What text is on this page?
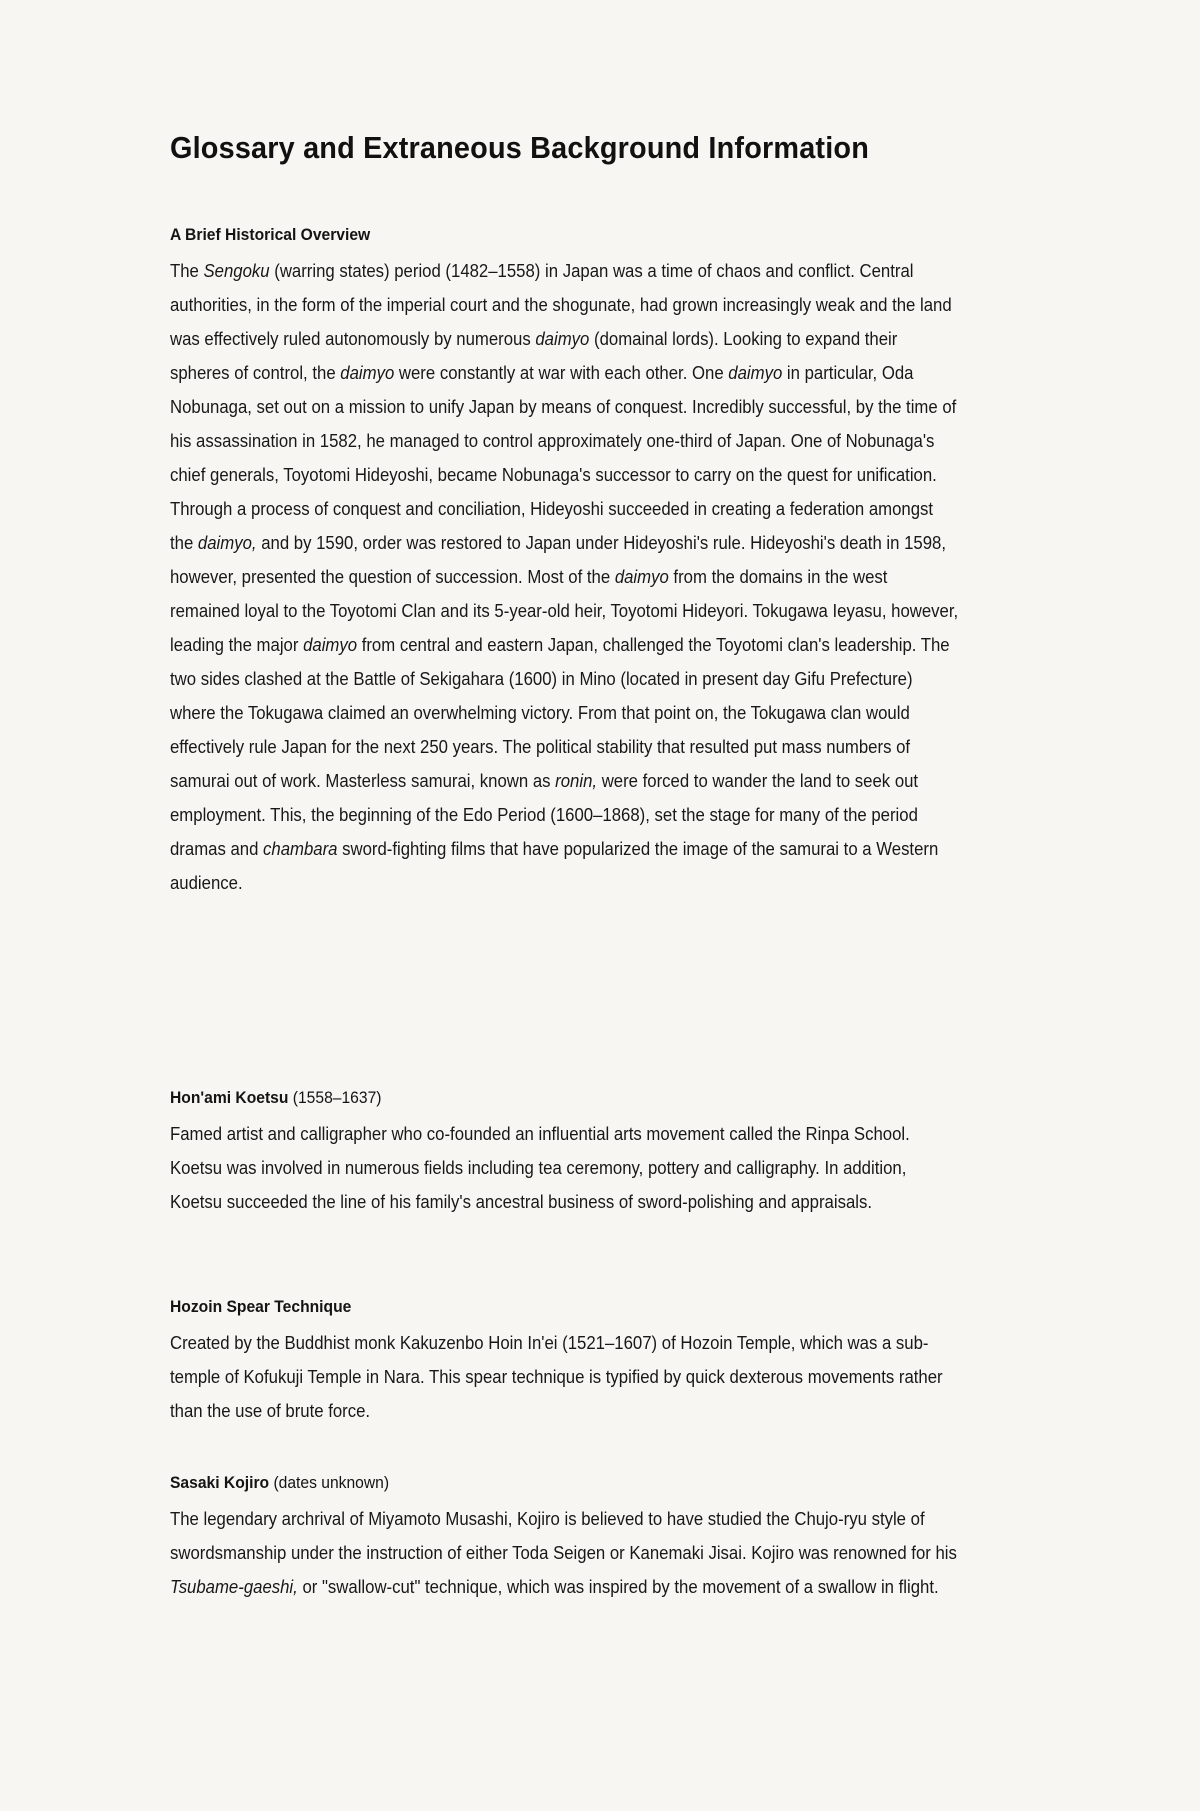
Glossary and Extraneous Background Information
A Brief Historical Overview

The Sengoku (warring states) period (1482–1558) in Japan was a time of chaos and conflict. Central authorities, in the form of the imperial court and the shogunate, had grown increasingly weak and the land was effectively ruled autonomously by numerous daimyo (domainal lords). Looking to expand their spheres of control, the daimyo were constantly at war with each other. One daimyo in particular, Oda Nobunaga, set out on a mission to unify Japan by means of conquest. Incredibly successful, by the time of his assassination in 1582, he managed to control approximately one-third of Japan. One of Nobunaga's chief generals, Toyotomi Hideyoshi, became Nobunaga's successor to carry on the quest for unification. Through a process of conquest and conciliation, Hideyoshi succeeded in creating a federation amongst the daimyo, and by 1590, order was restored to Japan under Hideyoshi's rule. Hideyoshi's death in 1598, however, presented the question of succession. Most of the daimyo from the domains in the west remained loyal to the Toyotomi Clan and its 5-year-old heir, Toyotomi Hideyori. Tokugawa Ieyasu, however, leading the major daimyo from central and eastern Japan, challenged the Toyotomi clan's leadership. The two sides clashed at the Battle of Sekigahara (1600) in Mino (located in present day Gifu Prefecture) where the Tokugawa claimed an overwhelming victory. From that point on, the Tokugawa clan would effectively rule Japan for the next 250 years. The political stability that resulted put mass numbers of samurai out of work. Masterless samurai, known as ronin, were forced to wander the land to seek out employment. This, the beginning of the Edo Period (1600–1868), set the stage for many of the period dramas and chambara sword-fighting films that have popularized the image of the samurai to a Western audience.

Hon'ami Koetsu (1558–1637)

Famed artist and calligrapher who co-founded an influential arts movement called the Rinpa School. Koetsu was involved in numerous fields including tea ceremony, pottery and calligraphy. In addition, Koetsu succeeded the line of his family's ancestral business of sword-polishing and appraisals.

Hozoin Spear Technique

Created by the Buddhist monk Kakuzenbo Hoin In'ei (1521–1607) of Hozoin Temple, which was a sub-temple of Kofukuji Temple in Nara. This spear technique is typified by quick dexterous movements rather than the use of brute force.

Sasaki Kojiro (dates unknown)

The legendary archrival of Miyamoto Musashi, Kojiro is believed to have studied the Chujo-ryu style of swordsmanship under the instruction of either Toda Seigen or Kanemaki Jisai. Kojiro was renowned for his Tsubame-gaeshi, or "swallow-cut" technique, which was inspired by the movement of a swallow in flight.
